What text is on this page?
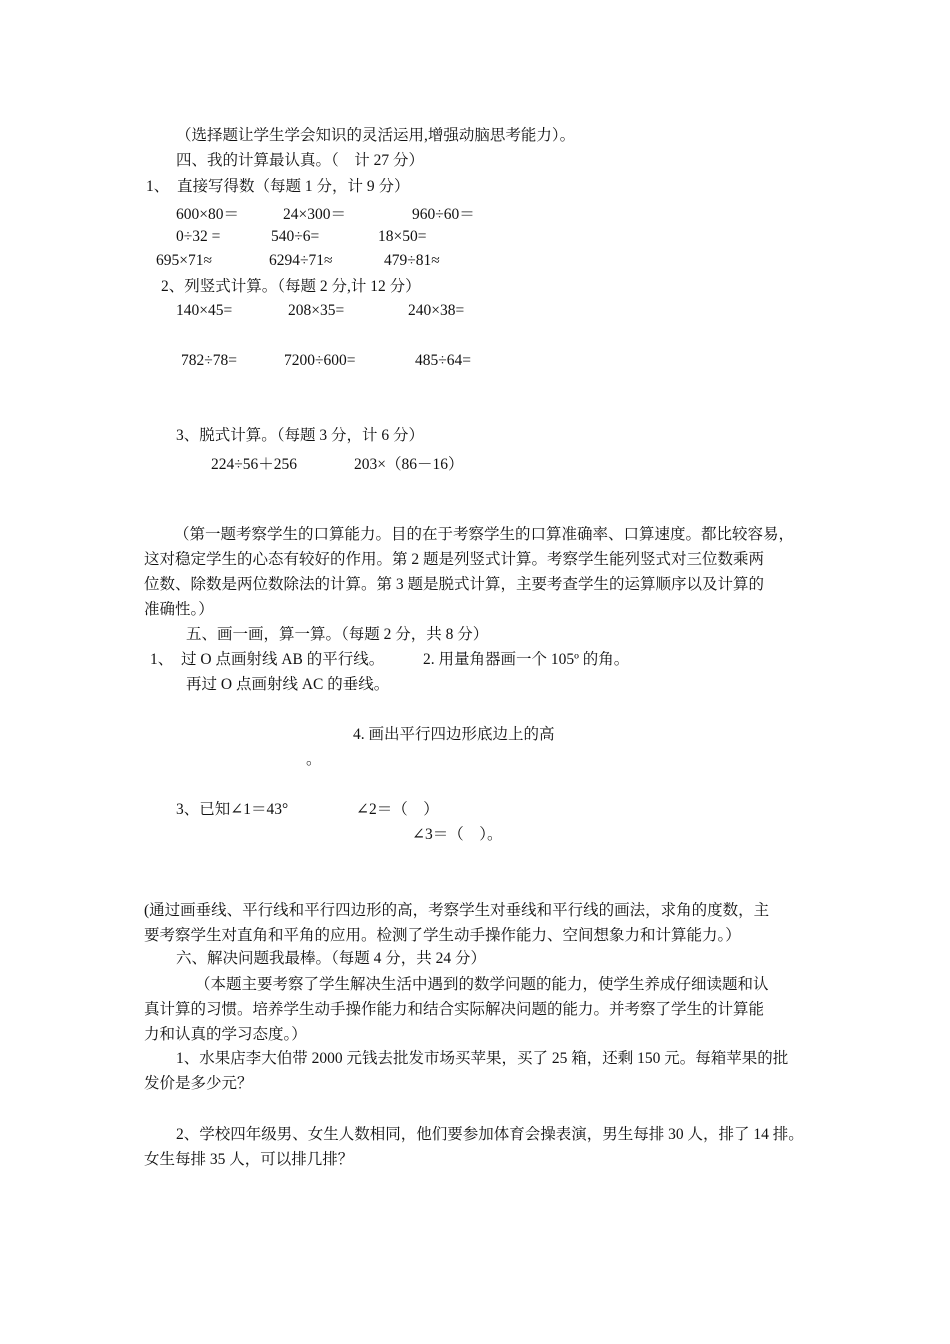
（选择题让学生学会知识的灵活运用,增强动脑思考能力）。
四、我的计算最认真。（　计 27 分）
1、　直接写得数（每题 1 分，计 9 分）
600×80＝	24×300＝	960÷60＝
0÷32 =	540÷6=	18×50=
695×71≈	6294÷71≈	479÷81≈
2、列竖式计算。（每题 2 分,计 12 分）
140×45=	208×35=	240×38=
782÷78=	7200÷600=	485÷64=
3、脱式计算。（每题 3 分，计 6 分）
224÷56＋256	203×（86－16）
（第一题考察学生的口算能力。目的在于考察学生的口算准确率、口算速度。都比较容易，
这对稳定学生的心态有较好的作用。第 2 题是列竖式计算。考察学生能列竖式对三位数乘两
位数、除数是两位数除法的计算。第 3 题是脱式计算，主要考查学生的运算顺序以及计算的
准确性。）
五、画一画，算一算。（每题 2 分，共 8 分）
1、　过 O 点画射线 AB 的平行线。	2. 用量角器画一个 105º 的角。
再过 O 点画射线 AC 的垂线。
4. 画出平行四边形底边上的高
。
3、已知∠1＝43°	∠2＝（　）
∠3＝（　）。
(通过画垂线、平行线和平行四边形的高，考察学生对垂线和平行线的画法，求角的度数，主
要考察学生对直角和平角的应用。检测了学生动手操作能力、空间想象力和计算能力。）
六、解决问题我最棒。（每题 4 分，共 24 分）
（本题主要考察了学生解决生活中遇到的数学问题的能力，使学生养成仔细读题和认
真计算的习惯。培养学生动手操作能力和结合实际解决问题的能力。并考察了学生的计算能
力和认真的学习态度。）
1、水果店李大伯带 2000 元钱去批发市场买苹果，买了 25 箱，还剩 150 元。每箱苹果的批
发价是多少元？
2、学校四年级男、女生人数相同，他们要参加体育会操表演，男生每排 30 人，排了 14 排。
女生每排 35 人，可以排几排？
